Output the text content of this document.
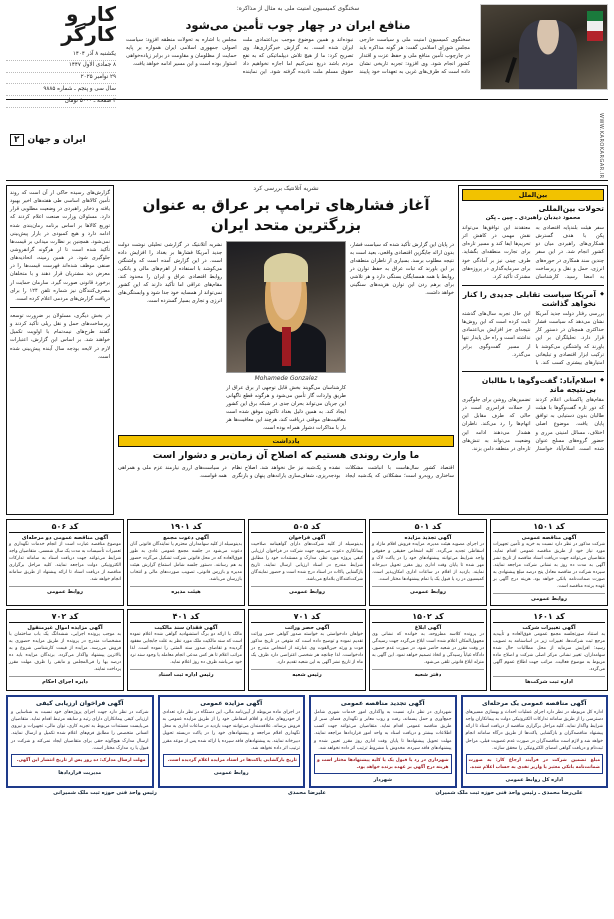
سخنگوی کمیسیون امنیت ملی به مثال از مذاکره:
منافع ایران در چهار چوب تأمین می‌شود
سخنگوی کمیسیون امنیت ملی و سیاست خارجی مجلس شورای اسلامی گفت: هر گونه مذاکره باید در چارچوب تأمین منافع ملی و حفظ عزت و اقتدار کشور انجام شود. وی افزود: تجربه تاریخی نشان داده است که طرف‌های غربی به تعهدات خود پایبند نبوده‌اند و همین موضوع موجب بی‌اعتمادی ملت ایران شده است. به گزارش خبرگزاری‌ها، وی تصریح کرد: ما از هیچ تلاش دیپلماتیکی که به نفع مردم باشد دریغ نمی‌کنیم اما اجازه نخواهیم داد حقوق مسلم ملت نادیده گرفته شود. این نماینده مجلس با اشاره به تحولات منطقه افزود: سیاست اصولی جمهوری اسلامی ایران همواره بر پایه حمایت از مظلومان و مقاومت در برابر زیاده‌خواهی استوار بوده است و این مسیر ادامه خواهد یافت.
کار و کارگر
یکشنبه ۸ آذر ۱۴۰۴
۸ جمادی الاول ۱۴۴۷
۲۹ نوامبر ۲۰۲۵
سال سی و پنجم ـ شماره ۹۸۸۵
۴ صفحه ـ ۵۰۰۰ تومان
WWW.KAROKARGAR.IR
ایران و جهان
۲
بین‌الملل
تحولات بین‌المللی
محمود دیدبان راهبردی ـ چین ـ پکن
سفر هیئت بلندپایه اقتصادی به پکن با هدف گسترش همکاری‌های راهبردی میان دو کشور انجام شد. در این سفر چندین سند همکاری در حوزه‌های انرژی، حمل و نقل و زیرساخت به امضا رسید. کارشناسان معتقدند این توافق‌ها می‌تواند نقش مهمی در کاهش اثر تحریم‌ها ایفا کند و مسیر تازه‌ای برای تجارت منطقه‌ای بگشاید. طرف چینی نیز بر آمادگی خود برای سرمایه‌گذاری در پروژه‌های مشترک تأکید کرد.
◆ آمریکا سیاست تقابلی جدیدی را کنار نخواهد گذاشت
بررسی رفتار دولت جدید آمریکا نشان می‌دهد که سیاست فشار حداکثری همچنان در دستور کار قرار دارد. تحلیلگران بر این باورند که واشنگتن می‌کوشد با ترکیب ابزار اقتصادی و تبلیغاتی امتیازهای بیشتری کسب کند. با این حال تجربه سال‌های گذشته ثابت کرده است که این روش‌ها نتیجه‌ای جز افزایش بی‌اعتمادی نداشته است و راه حل پایدار تنها از مسیر گفت‌وگوی برابر می‌گذرد.
◆ اسلام‌آباد: گفت‌وگوها با طالبان بی‌نتیجه ماند
مقام‌های پاکستانی اعلام کردند که دور تازه گفت‌وگوها با هیئت طالبان بدون دستیابی به توافق پایان یافت. موضوع اصلی اختلاف، مسائل امنیتی مرزی و حضور گروه‌های مسلح عنوان شده است. اسلام‌آباد خواستار تضمین‌های روشن برای جلوگیری از حملات فرامرزی است در حالی که طرف مقابل این اتهام‌ها را رد می‌کند. ناظران هشدار می‌دهند ادامه این وضعیت می‌تواند به تنش‌های تازه‌ای در منطقه دامن بزند.
نشریه آتلانتیک بررسی کرد
آغاز فشارهای ترامپ بر عراق به عنوان بزرگترین متحد ایران
در پایان این گزارش تأکید شده که سیاست فشار، بدون ارائه جایگزین اقتصادی واقعی، بعید است به نتیجه مطلوب برسد. بسیاری از ناظران منطقه‌ای بر این باورند که ثبات عراق به حفظ توازن در روابط با همه همسایگان بستگی دارد و هر تلاشی برای برهم زدن این توازن هزینه‌های سنگینی خواهد داشت.
Mohamede Gonzalez
کارشناسان می‌گویند بخش قابل توجهی از برق عراق از طریق واردات گاز تأمین می‌شود و هرگونه قطع ناگهانی این جریان می‌تواند بحران جدی در شبکه برق این کشور ایجاد کند. به همین دلیل بغداد تاکنون موفق شده است معافیت‌های موقتی دریافت کند، هرچند این معافیت‌ها هر بار با مذاکرات دشوار همراه بوده است.
نشریه آتلانتیک در گزارشی تحلیلی نوشت دولت جدید آمریکا فشارها بر بغداد را افزایش داده است. در این گزارش آمده است که واشنگتن می‌کوشد با استفاده از اهرم‌های مالی و بانکی، روابط اقتصادی عراق و ایران را محدود کند. مقام‌های عراقی اما تأکید دارند که این کشور نمی‌تواند از همسایه خود جدا شود و وابستگی‌های انرژی و تجاری بسیار گسترده است.
یادداشت
ما وارث روندی هستیم که اصلاح آن زمان‌بر و دشوار است
اقتصاد کشور سال‌هاست با انباشت مشکلات ساختاری روبه‌رو است؛ مشکلاتی که یک‌شبه ایجاد نشده و یک‌شبه نیز حل نخواهد شد. اصلاح نظام بودجه‌ریزی، شفاف‌سازی یارانه‌های پنهان و بازنگری در سیاست‌های ارزی نیازمند عزم ملی و همراهی همه قواست.
گزارش‌های رسیده حاکی از آن است که روند تأمین کالاهای اساسی طی هفته‌های اخیر بهبود یافته و ذخایر راهبردی در وضعیت مطلوبی قرار دارد. مسئولان وزارت صنعت اعلام کردند که توزیع کالاها بر اساس برنامه زمان‌بندی شده ادامه دارد و هیچ کمبودی در بازار پیش‌بینی نمی‌شود. همچنین بر نظارت میدانی بر قیمت‌ها تأکید شده است تا از هرگونه گرانفروشی جلوگیری شود. در همین زمینه، اتحادیه‌های صنفی موظف شده‌اند فهرست قیمت‌ها را در معرض دید مشتریان قرار دهند و با متخلفان برخورد قانونی صورت گیرد. سازمان حمایت از مصرف‌کنندگان نیز شماره تلفن ۱۲۴ را برای دریافت گزارش‌های مردمی اعلام کرده است.
در بخش دیگری، مسئولان بر ضرورت توسعه زیرساخت‌های حمل و نقل ریلی تأکید کردند و گفتند طرح‌های نیمه‌تمام با اولویت تکمیل خواهند شد. بر اساس این گزارش، اعتبارات لازم در لایحه بودجه سال آینده پیش‌بینی شده است.
کد ۱۵۰۱
آگهی مناقصه عمومی
شرکت مذکور در نظر دارد نسبت به خرید و تأمین تجهیزات مورد نیاز خود از طریق مناقصه عمومی اقدام نماید. متقاضیان می‌توانند جهت دریافت اسناد مناقصه از تاریخ نشر آگهی به مدت ده روز به نشانی شرکت مراجعه نمایند. سپرده شرکت در مناقصه معادل پنج درصد مبلغ پیشنهادی به صورت ضمانت‌نامه بانکی خواهد بود. هزینه درج آگهی بر عهده برنده مناقصه است.
روابط عمومی
کد ۵۰۱
آگهی تجدید مزایده
در اجرای مصوبه هیئت مدیره، مزایده فروش اقلام مازاد و اسقاطی تجدید می‌گردد. کلیه اشخاص حقیقی و حقوقی واجد شرایط می‌توانند پیشنهادهای خود را در پاکت لاک و مهر شده تا پایان وقت اداری روز مقرر تحویل دبیرخانه نمایند. بازدید از اقلام در ساعات اداری امکان‌پذیر است. کمیسیون در رد یا قبول یک یا تمام پیشنهادها مختار است.
روابط عمومی
کد ۵۰۵
آگهی فراخوان
بدینوسیله از کلیه شرکت‌های دارای گواهینامه صلاحیت پیمانکاری دعوت می‌شود جهت شرکت در فراخوان ارزیابی کیفی پروژه مورد نظر، مدارک و مستندات خود را مطابق شرایط مندرج در اسناد ارزیابی ارسال نمایند. تاریخ بازگشایی پاکات در اسناد درج شده است و حضور نمایندگان شرکت‌کنندگان بلامانع می‌باشد.
روابط عمومی
کد ۱۹۰۱
آگهی دعوت مجمع
بدینوسیله از کلیه سهامداران محترم یا نمایندگان قانونی آنان دعوت می‌شود در جلسه مجمع عمومی عادی به طور فوق‌العاده که در محل قانونی شرکت تشکیل می‌گردد حضور به هم رسانند. دستور جلسه شامل استماع گزارش هیئت مدیره و بازرس قانونی، تصویب صورت‌های مالی و انتخاب بازرسان می‌باشد.
هیئت مدیره
کد ۵۰۶
آگهی مناقصه عمومی دو مرحله‌ای
موضوع مناقصه عبارت است از انجام خدمات نگهداری و تعمیرات تأسیسات به مدت یک سال شمسی. متقاضیان واجد شرایط می‌توانند جهت دریافت اسناد به سامانه تدارکات الکترونیکی دولت مراجعه نمایند. کلیه مراحل برگزاری مناقصه از دریافت اسناد تا ارائه پیشنهاد از طریق سامانه انجام خواهد شد.
روابط عمومی
کد ۱۶۰۱
آگهی تغییرات شرکت
به استناد صورتجلسه مجمع عمومی فوق‌العاده و تأییدیه مرجع ثبت شرکت‌ها، تغییرات زیر در اساسنامه به تصویب رسید: افزایش سرمایه از محل مطالبات حال شده سهامداران، تغییر نشانی مرکز اصلی شرکت و اصلاح ماده مربوط به موضوع فعالیت. مراتب جهت اطلاع عموم آگهی می‌گردد.
اداره ثبت شرکت‌ها
کد ۱۵۰۲
آگهی ابلاغ
در پرونده کلاسه مطروحه، به خوانده که نشانی وی مجهول‌المکان اعلام شده است ابلاغ می‌گردد جهت رسیدگی در وقت مقرر در شعبه حاضر شود. در صورت عدم حضور، دادگاه غیاباً رسیدگی و اتخاذ تصمیم خواهد نمود. این آگهی به منزله ابلاغ قانونی تلقی می‌شود.
دفتر شعبه
کد ۷۰۱
آگهی حصر وراثت
خواهان دادخواستی به خواسته صدور گواهی حصر وراثت تقدیم نموده و توضیح داده است که متوفی در تاریخ مذکور فوت و ورثه حین‌الفوت وی عبارتند از اشخاص مندرج در دادخواست. لذا چنانچه هر شخصی اعتراضی دارد ظرف یک ماه از تاریخ نشر آگهی به این شعبه تقدیم دارد.
رئیس شعبه
کد ۴۰۱
آگهی فقدان سند مالکیت
مالک با ارائه دو برگ استشهادیه گواهی شده اعلام نموده است که سند مالکیت ملک مورد نظر به علت جابجایی مفقود گردیده و تقاضای صدور سند المثنی را نموده است. لذا مراتب اعلام تا هر کس مدعی انجام معامله یا وجود سند نزد خود می‌باشد ظرف ده روز اعلام نماید.
رئیس اداره ثبت اسناد
کد ۷۰۲
آگهی مزایده اموال غیرمنقول
به موجب پرونده اجرایی، ششدانگ یک باب ساختمان با مشخصات مندرج در پرونده از طریق مزایده حضوری به فروش می‌رسد. مزایده از قیمت کارشناسی شروع و به بالاترین پیشنهاد واگذار می‌گردد. برندگان مزایده باید ده درصد بها را فی‌المجلس و مابقی را ظرف مهلت مقرر پرداخت نمایند.
دایره اجرای احکام
آگهی مناقصه عمومی یک مرحله‌ای
اداره کل مربوطه در نظر دارد اجرای عملیات احداث و بهسازی مسیرهای دسترسی را از طریق سامانه تدارکات الکترونیکی دولت به پیمانکاران واجد شرایط واگذار نماید. کلیه مراحل برگزاری مناقصه از دریافت اسناد تا ارائه پیشنهاد مناقصه‌گران و بازگشایی پاکت‌ها از طریق درگاه سامانه انجام خواهد شد و لازم است مناقصه‌گران در صورت عدم عضویت قبلی، مراحل ثبت‌نام و دریافت گواهی امضای الکترونیکی را محقق سازند.
مبلغ تضمین شرکت در فرآیند ارجاع کار: به صورت ضمانت‌نامه بانکی معتبر یا واریز نقدی به حساب اعلام شده.
اداره کل روابط عمومی
آگهی تجدید مناقصه عمومی
شهرداری در نظر دارد نسبت به واگذاری امور خدمات شهری شامل جمع‌آوری و حمل پسماند، رفت و روب معابر و نگهداری فضای سبز از طریق مناقصه عمومی اقدام نماید. متقاضیان می‌توانند جهت کسب اطلاعات بیشتر و دریافت اسناد به واحد امور قراردادها مراجعه نمایند. مهلت تحویل پیشنهادها تا پایان وقت اداری روز مقرر تعیین شده و پیشنهادهای فاقد سپرده، مخدوش یا مشروط ترتیب اثر داده نخواهد شد.
شهرداری در رد یا قبول یک یا کلیه پیشنهادها مختار است و هزینه درج آگهی بر عهده برنده خواهد بود.
شهردار
آگهی مزایده عمومی
در اجرای ماده مربوطه از آیین‌نامه مالی، این دستگاه در نظر دارد تعدادی از خودروهای مازاد و اقلام اسقاطی خود را از طریق مزایده عمومی به فروش برساند. علاقه‌مندان می‌توانند جهت بازدید در ساعات اداری به محل نگهداری اقلام مراجعه و پیشنهادهای خود را در پاکت دربسته تحویل دبیرخانه نمایند. به پیشنهادهای فاقد سپرده یا ارائه شده پس از موعد مقرر ترتیب اثر داده نخواهد شد.
تاریخ بازگشایی پاکت‌ها در اسناد مزایده اعلام گردیده است.
روابط عمومی
آگهی فراخوان ارزیابی کیفی
شرکت در نظر دارد جهت اجرای پروژه‌های خود نسبت به شناسایی و ارزیابی کیفی پیمانکاران دارای رتبه و سابقه مرتبط اقدام نماید. متقاضیان می‌بایست مستندات مربوط به تجربه کاری، توان مالی، تجهیزات و نیروی انسانی متخصص را مطابق فرم‌های اعلام شده تکمیل و ارسال نمایند. ارسال مدارک هیچ‌گونه حقی برای متقاضیان ایجاد نمی‌کند و شرکت در قبول یا رد مدارک مختار است.
مهلت ارسال مدارک: ده روز پس از تاریخ انتشار این آگهی.
مدیریت قراردادها
علی‌رضا محمدی ـ رئیس واحد فنی حوزه ثبت ملک شمیران
علیرضا محمدی
رئیس واحد فنی حوزه ثبت ملک شمیرانی
